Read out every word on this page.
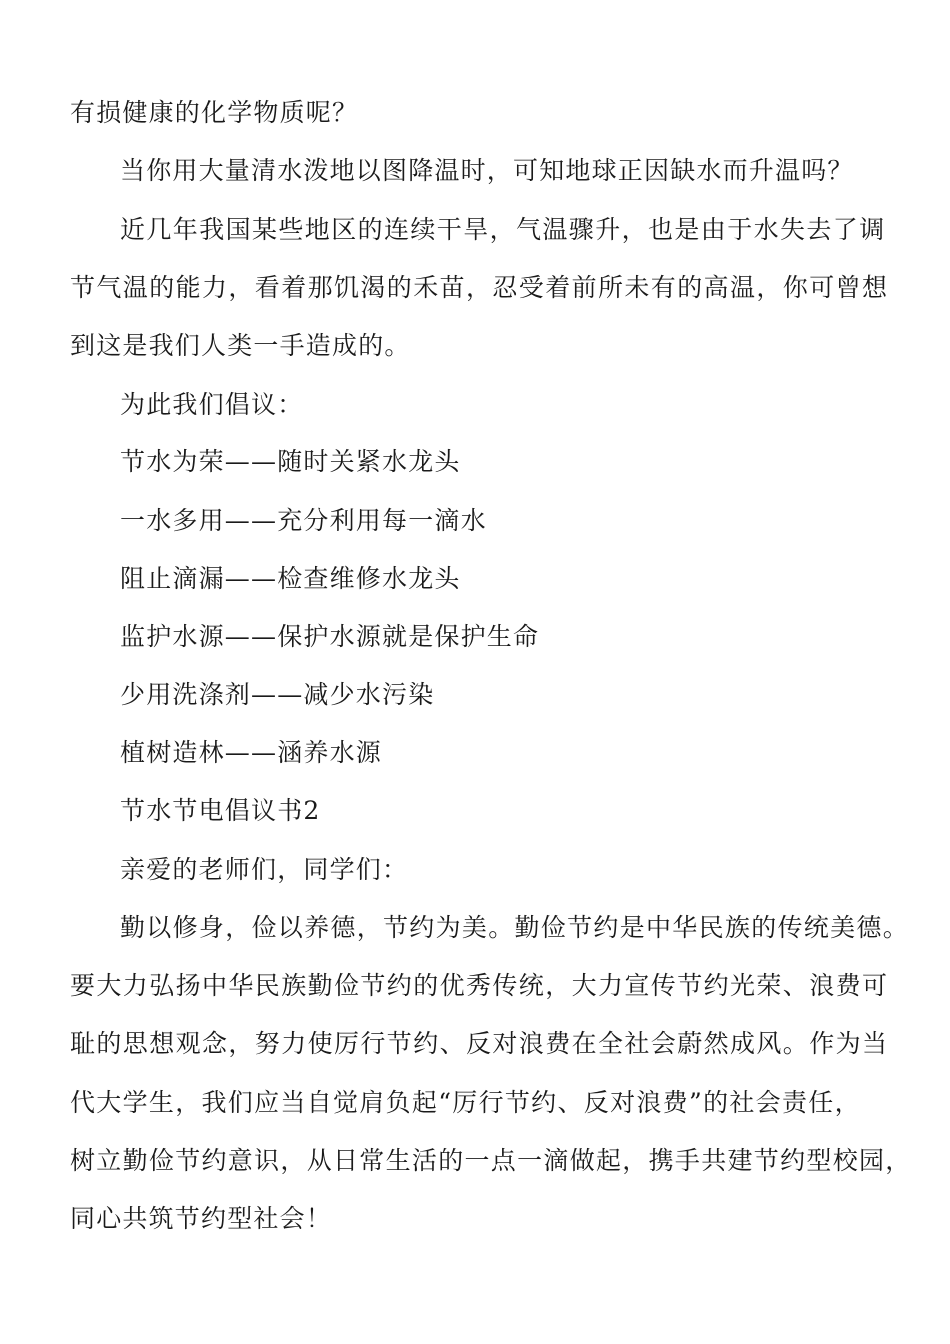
有损健康的化学物质呢？
当你用大量清水泼地以图降温时，可知地球正因缺水而升温吗？
近几年我国某些地区的连续干旱，气温骤升，也是由于水失去了调
节气温的能力，看着那饥渴的禾苗，忍受着前所未有的高温，你可曾想
到这是我们人类一手造成的。
为此我们倡议：
节水为荣——随时关紧水龙头
一水多用——充分利用每一滴水
阻止滴漏——检查维修水龙头
监护水源——保护水源就是保护生命
少用洗涤剂——减少水污染
植树造林——涵养水源
节水节电倡议书2
亲爱的老师们，同学们：
勤以修身，俭以养德，节约为美。勤俭节约是中华民族的传统美德。
要大力弘扬中华民族勤俭节约的优秀传统，大力宣传节约光荣、浪费可
耻的思想观念，努力使厉行节约、反对浪费在全社会蔚然成风。作为当
代大学生，我们应当自觉肩负起“厉行节约、反对浪费”的社会责任，
树立勤俭节约意识，从日常生活的一点一滴做起，携手共建节约型校园，
同心共筑节约型社会！
